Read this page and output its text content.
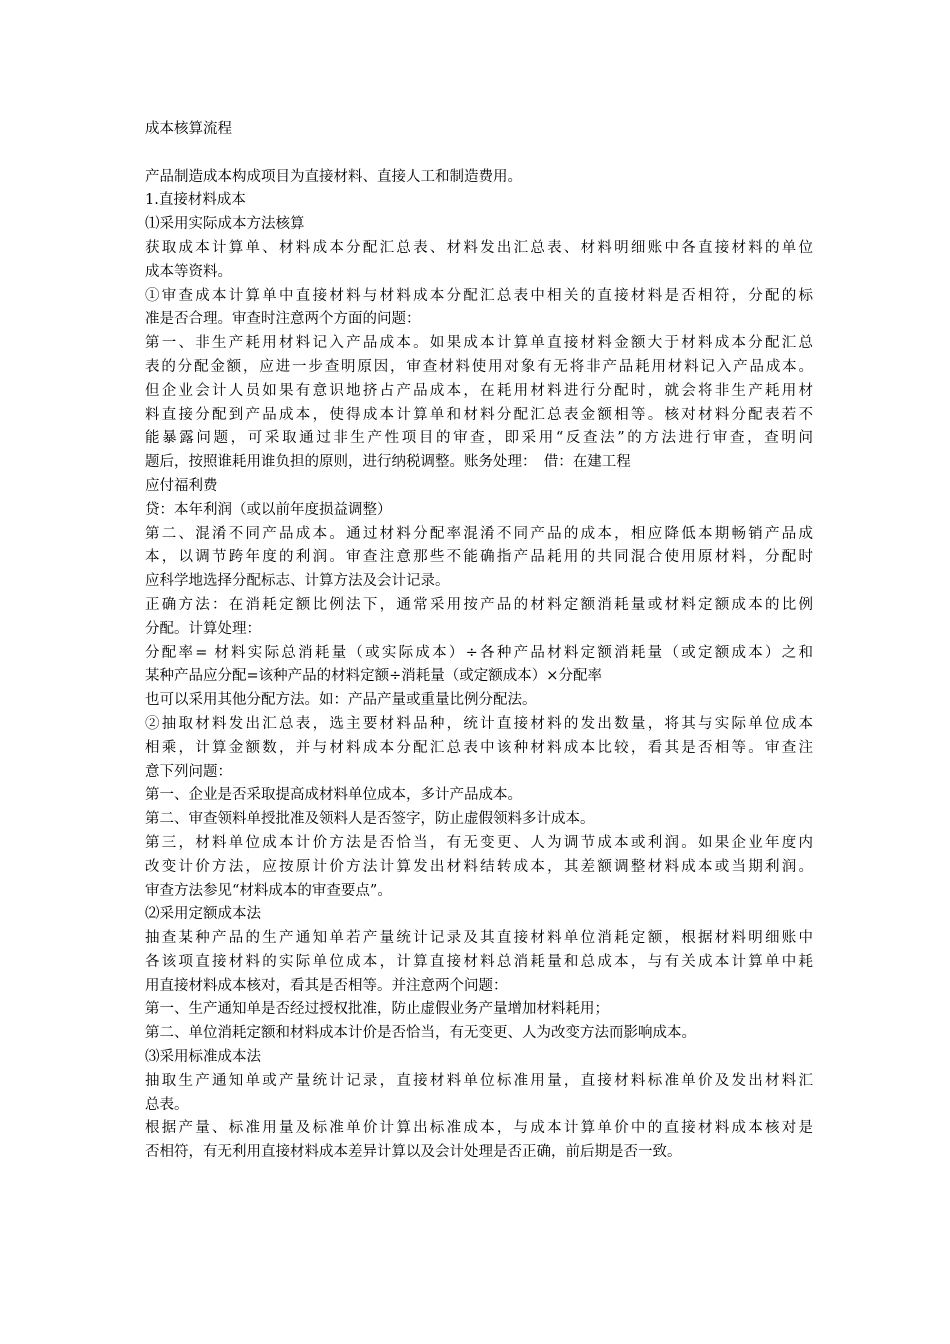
成本核算流程
产品制造成本构成项目为直接材料、直接人工和制造费用。
1.直接材料成本
⑴采用实际成本方法核算
获取成本计算单、材料成本分配汇总表、材料发出汇总表、材料明细账中各直接材料的单位
成本等资料。
①审查成本计算单中直接材料与材料成本分配汇总表中相关的直接材料是否相符，分配的标
准是否合理。审查时注意两个方面的问题：
第一、非生产耗用材料记入产品成本。如果成本计算单直接材料金额大于材料成本分配汇总
表的分配金额，应进一步查明原因，审查材料使用对象有无将非产品耗用材料记入产品成本。
但企业会计人员如果有意识地挤占产品成本，在耗用材料进行分配时，就会将非生产耗用材
料直接分配到产品成本，使得成本计算单和材料分配汇总表金额相等。核对材料分配表若不
能暴露问题，可采取通过非生产性项目的审查，即采用“反查法”的方法进行审查，查明问
题后，按照谁耗用谁负担的原则，进行纳税调整。账务处理：　借：在建工程
应付福利费
贷：本年利润（或以前年度损益调整）
第二、混淆不同产品成本。通过材料分配率混淆不同产品的成本，相应降低本期畅销产品成
本，以调节跨年度的利润。审查注意那些不能确指产品耗用的共同混合使用原材料，分配时
应科学地选择分配标志、计算方法及会计记录。
正确方法：在消耗定额比例法下，通常采用按产品的材料定额消耗量或材料定额成本的比例
分配。计算处理：
分配率= 材料实际总消耗量（或实际成本）÷各种产品材料定额消耗量（或定额成本）之和
某种产品应分配=该种产品的材料定额÷消耗量（或定额成本）×分配率
也可以采用其他分配方法。如：产品产量或重量比例分配法。
②抽取材料发出汇总表，选主要材料品种，统计直接材料的发出数量，将其与实际单位成本
相乘，计算金额数，并与材料成本分配汇总表中该种材料成本比较，看其是否相等。审查注
意下列问题：
第一、企业是否采取提高成材料单位成本，多计产品成本。
第二、审查领料单授批准及领料人是否签字，防止虚假领料多计成本。
第三，材料单位成本计价方法是否恰当，有无变更、人为调节成本或利润。如果企业年度内
改变计价方法，应按原计价方法计算发出材料结转成本，其差额调整材料成本或当期利润。
审查方法参见“材料成本的审查要点”。
⑵采用定额成本法
抽查某种产品的生产通知单若产量统计记录及其直接材料单位消耗定额，根据材料明细账中
各该项直接材料的实际单位成本，计算直接材料总消耗量和总成本，与有关成本计算单中耗
用直接材料成本核对，看其是否相等。并注意两个问题：
第一、生产通知单是否经过授权批准，防止虚假业务产量增加材料耗用；
第二、单位消耗定额和材料成本计价是否恰当，有无变更、人为改变方法而影响成本。
⑶采用标准成本法
抽取生产通知单或产量统计记录，直接材料单位标准用量，直接材料标准单价及发出材料汇
总表。
根据产量、标准用量及标准单价计算出标准成本，与成本计算单价中的直接材料成本核对是
否相符，有无利用直接材料成本差异计算以及会计处理是否正确，前后期是否一致。
